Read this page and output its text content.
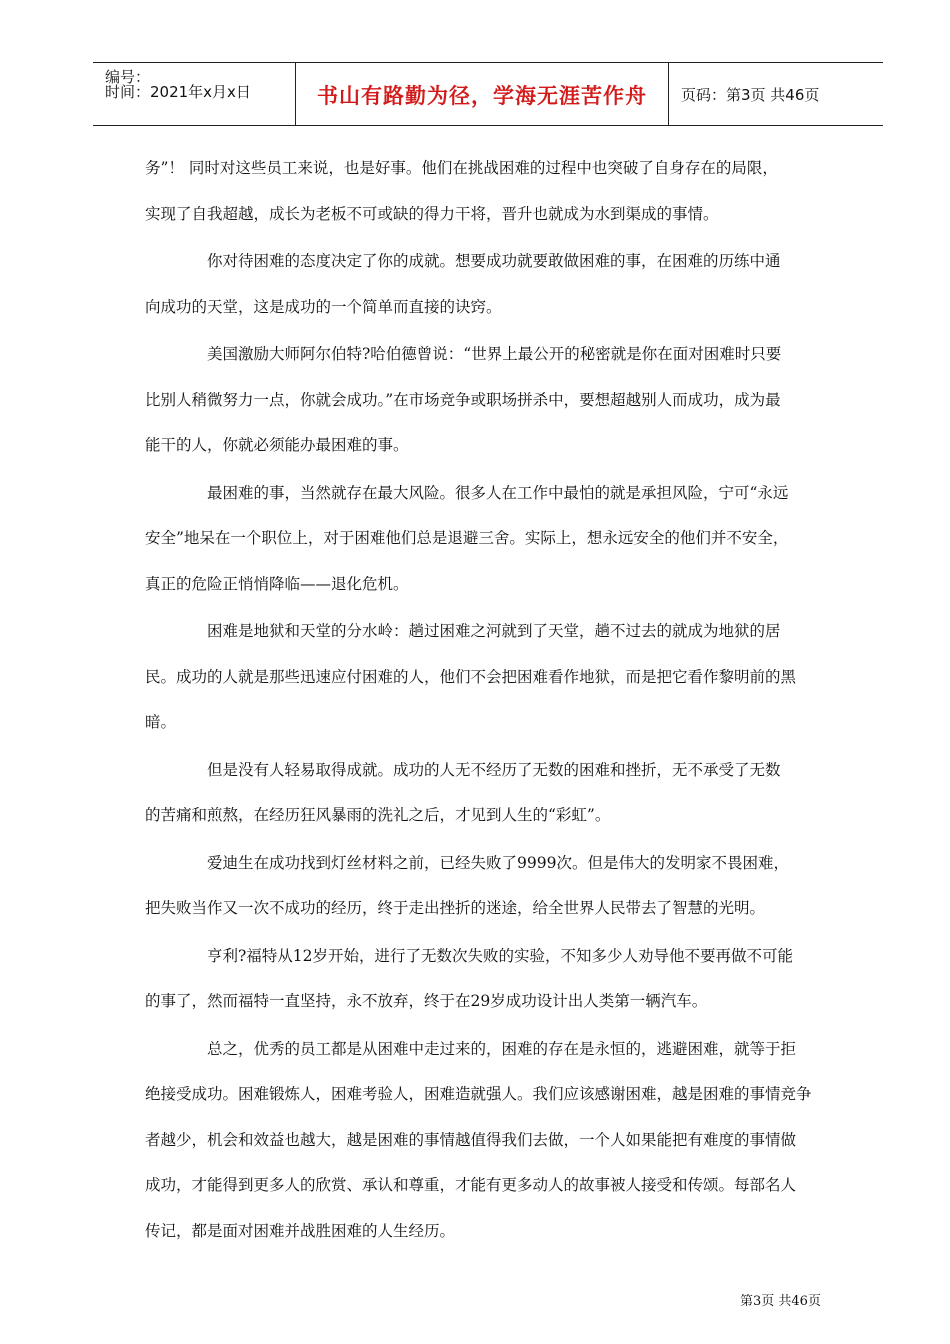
编号：
时间：2021年x月x日	书山有路勤为径，学海无涯苦作舟	页码：第3页 共46页
务”！ 同时对这些员工来说，也是好事。他们在挑战困难的过程中也突破了自身存在的局限，
实现了自我超越，成长为老板不可或缺的得力干将，晋升也就成为水到渠成的事情。
你对待困难的态度决定了你的成就。想要成功就要敢做困难的事，在困难的历练中通
向成功的天堂，这是成功的一个简单而直接的诀窍。
美国激励大师阿尔伯特?哈伯德曾说：“世界上最公开的秘密就是你在面对困难时只要
比别人稍微努力一点，你就会成功。”在市场竞争或职场拼杀中，要想超越别人而成功，成为最
能干的人，你就必须能办最困难的事。
最困难的事，当然就存在最大风险。很多人在工作中最怕的就是承担风险，宁可“永远
安全”地呆在一个职位上，对于困难他们总是退避三舍。实际上，想永远安全的他们并不安全，
真正的危险正悄悄降临——退化危机。
困难是地狱和天堂的分水岭：趟过困难之河就到了天堂，趟不过去的就成为地狱的居
民。成功的人就是那些迅速应付困难的人，他们不会把困难看作地狱，而是把它看作黎明前的黑
暗。
但是没有人轻易取得成就。成功的人无不经历了无数的困难和挫折，无不承受了无数
的苦痛和煎熬，在经历狂风暴雨的洗礼之后，才见到人生的“彩虹”。
爱迪生在成功找到灯丝材料之前，已经失败了9999次。但是伟大的发明家不畏困难，
把失败当作又一次不成功的经历，终于走出挫折的迷途，给全世界人民带去了智慧的光明。
亨利?福特从12岁开始，进行了无数次失败的实验，不知多少人劝导他不要再做不可能
的事了，然而福特一直坚持，永不放弃，终于在29岁成功设计出人类第一辆汽车。
总之，优秀的员工都是从困难中走过来的，困难的存在是永恒的，逃避困难，就等于拒
绝接受成功。困难锻炼人，困难考验人，困难造就强人。我们应该感谢困难，越是困难的事情竞争
者越少，机会和效益也越大，越是困难的事情越值得我们去做，一个人如果能把有难度的事情做
成功，才能得到更多人的欣赏、承认和尊重，才能有更多动人的故事被人接受和传颂。每部名人
传记，都是面对困难并战胜困难的人生经历。
第3页 共46页
